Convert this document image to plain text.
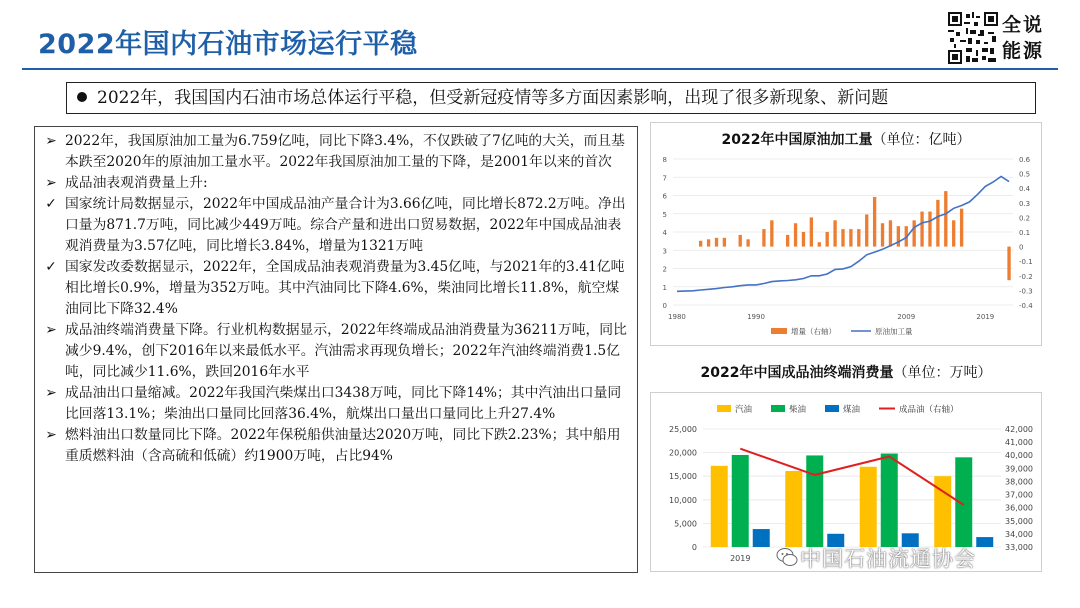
2022年国内石油市场运行平稳
全说
能源
2022年，我国国内石油市场总体运行平稳，但受新冠疫情等多方面因素影响，出现了很多新现象、新问题
➢ 2022年，我国原油加工量为6.759亿吨，同比下降3.4%，不仅跌破了7亿吨的大关，而且基本跌至2020年的原油加工量水平。2022年我国原油加工量的下降，是2001年以来的首次
➢ 成品油表观消费量上升:
✓ 国家统计局数据显示，2022年中国成品油产量合计为3.66亿吨，同比增长872.2万吨。净出口量为871.7万吨，同比减少449万吨。综合产量和进出口贸易数据，2022年中国成品油表观消费量为3.57亿吨，同比增长3.84%，增量为1321万吨
✓ 国家发改委数据显示，2022年，全国成品油表观消费量为3.45亿吨，与2021年的3.41亿吨相比增长0.9%，增量为352万吨。其中汽油同比下降4.6%，柴油同比增长11.8%，航空煤油同比下降32.4%
➢ 成品油终端消费量下降。行业机构数据显示，2022年终端成品油消费量为36211万吨，同比减少9.4%，创下2016年以来最低水平。汽油需求再现负增长；2022年汽油终端消费1.5亿吨，同比减少11.6%，跌回2016年水平
➢ 成品油出口量缩减。2022年我国汽柴煤出口3438万吨，同比下降14%；其中汽油出口量同比回落13.1%；柴油出口量同比回落36.4%，航煤出口量出口量同比上升27.4%
➢ 燃料油出口数量同比下降。2022年保税船供油量达2020万吨，同比下跌2.23%；其中船用重质燃料油（含高硫和低硫）约1900万吨，占比94%
2022年中国原油加工量（单位：亿吨）
0
1
2
3
4
5
6
7
8
-0.4
-0.3
-0.2
-0.1
0
0.1
0.2
0.3
0.4
0.5
0.6
1980	1990	2009	2019
增量（右轴）	原油加工量
0
5,000
10,000
15,000
20,000
25,000
33,000
34,000
35,000
36,000
37,000
38,000
39,000
40,000
41,000
42,000
2019
汽油	柴油	煤油	成品油（右轴）
2022年中国成品油终端消费量（单位：万吨）
中国石油流通协会
